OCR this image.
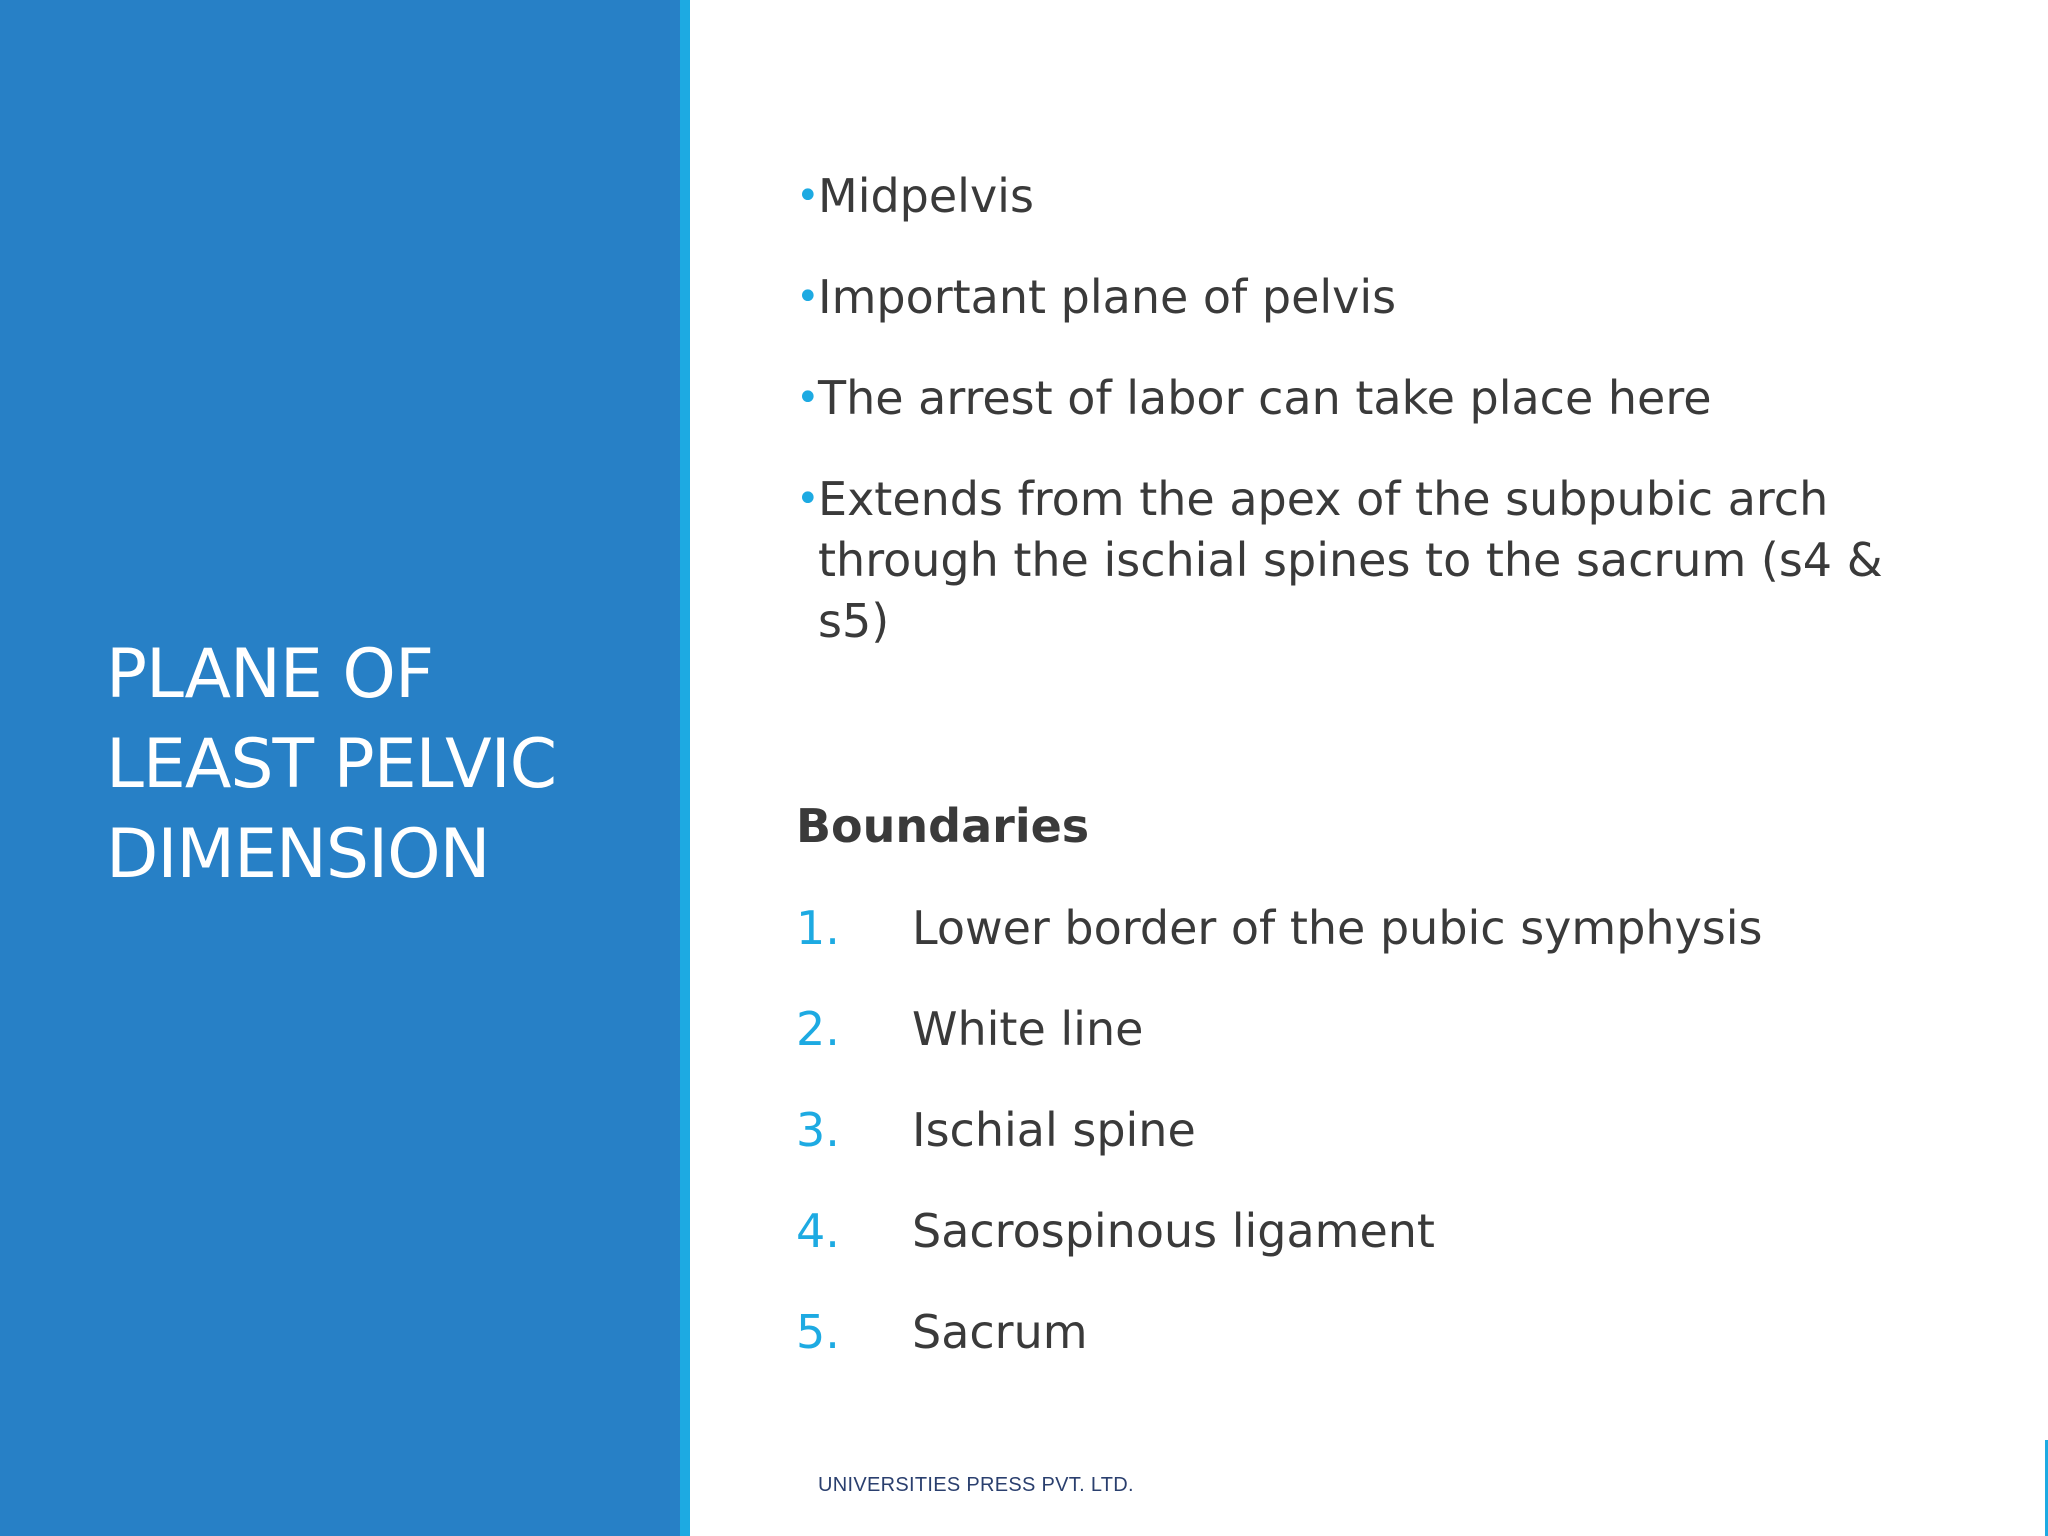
PLANE OF LEAST PELVIC DIMENSION
•
Midpelvis
•
Important plane of pelvis
•
The arrest of labor can take place here
•
Extends from the apex of the subpubic arch through the ischial spines to the sacrum (s4 & s5)
Boundaries
1. Lower border of the pubic symphysis
2. White line
3. Ischial spine
4. Sacrospinous ligament
5. Sacrum
UNIVERSITIES PRESS PVT. LTD.
